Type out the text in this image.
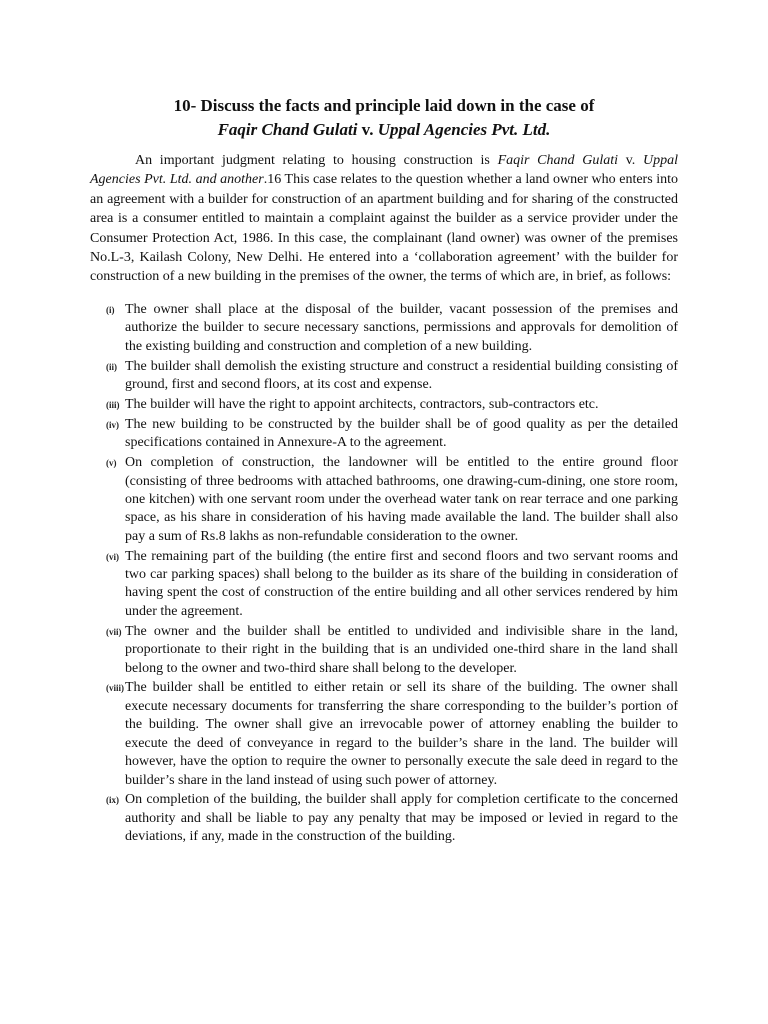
10- Discuss the facts and principle laid down in the case of
Faqir Chand Gulati v. Uppal Agencies Pvt. Ltd.

An important judgment relating to housing construction is Faqir Chand Gulati v. Uppal Agencies Pvt. Ltd. and another.16 This case relates to the question whether a land owner who enters into an agreement with a builder for construction of an apartment building and for sharing of the constructed area is a consumer entitled to maintain a complaint against the builder as a service provider under the Consumer Protection Act, 1986. In this case, the complainant (land owner) was owner of the premises No.L-3, Kailash Colony, New Delhi. He entered into a ‘collaboration agreement’ with the builder for construction of a new building in the premises of the owner, the terms of which are, in brief, as follows:

(i) The owner shall place at the disposal of the builder, vacant possession of the premises and authorize the builder to secure necessary sanctions, permissions and approvals for demolition of the existing building and construction and completion of a new building.
(ii) The builder shall demolish the existing structure and construct a residential building consisting of ground, first and second floors, at its cost and expense.
(iii) The builder will have the right to appoint architects, contractors, sub-contractors etc.
(iv) The new building to be constructed by the builder shall be of good quality as per the detailed specifications contained in Annexure-A to the agreement.
(v) On completion of construction, the landowner will be entitled to the entire ground floor (consisting of three bedrooms with attached bathrooms, one drawing-cum-dining, one store room, one kitchen) with one servant room under the overhead water tank on rear terrace and one parking space, as his share in consideration of his having made available the land. The builder shall also pay a sum of Rs.8 lakhs as non-refundable consideration to the owner.
(vi) The remaining part of the building (the entire first and second floors and two servant rooms and two car parking spaces) shall belong to the builder as its share of the building in consideration of having spent the cost of construction of the entire building and all other services rendered by him under the agreement.
(vii) The owner and the builder shall be entitled to undivided and indivisible share in the land, proportionate to their right in the building that is an undivided one-third share in the land shall belong to the owner and two-third share shall belong to the developer.
(viii) The builder shall be entitled to either retain or sell its share of the building. The owner shall execute necessary documents for transferring the share corresponding to the builder’s portion of the building. The owner shall give an irrevocable power of attorney enabling the builder to execute the deed of conveyance in regard to the builder’s share in the land. The builder will however, have the option to require the owner to personally execute the sale deed in regard to the builder’s share in the land instead of using such power of attorney.
(ix) On completion of the building, the builder shall apply for completion certificate to the concerned authority and shall be liable to pay any penalty that may be imposed or levied in regard to the deviations, if any, made in the construction of the building.
